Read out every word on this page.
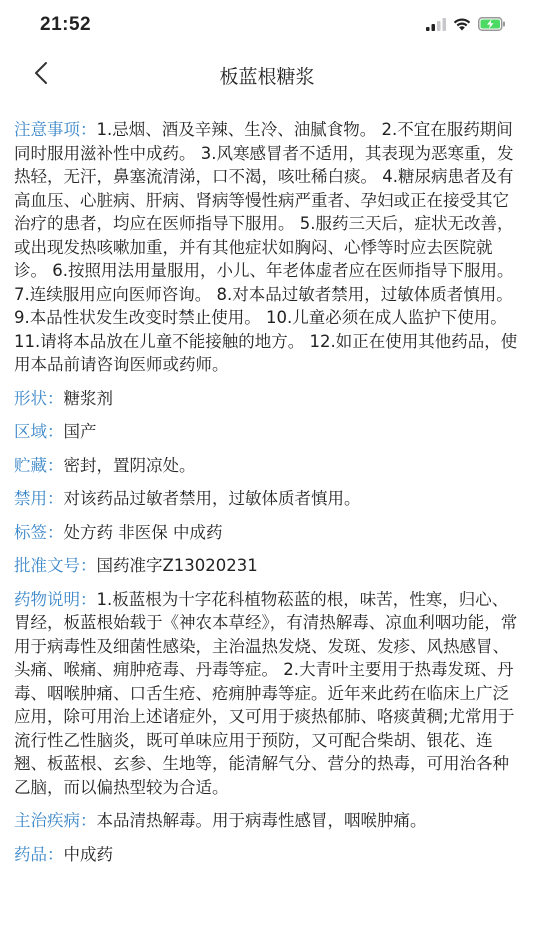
21:52
板蓝根糖浆

注意事项：1.忌烟、酒及辛辣、生冷、油腻食物。 2.不宜在服药期间同时服用滋补性中成药。 3.风寒感冒者不适用，其表现为恶寒重，发热轻，无汗，鼻塞流清涕，口不渴，咳吐稀白痰。 4.糖尿病患者及有高血压、心脏病、肝病、肾病等慢性病严重者、孕妇或正在接受其它治疗的患者，均应在医师指导下服用。 5.服药三天后，症状无改善，或出现发热咳嗽加重，并有其他症状如胸闷、心悸等时应去医院就诊。 6.按照用法用量服用，小儿、年老体虚者应在医师指导下服用。 7.连续服用应向医师咨询。 8.对本品过敏者禁用，过敏体质者慎用。 9.本品性状发生改变时禁止使用。 10.儿童必须在成人监护下使用。 11.请将本品放在儿童不能接触的地方。 12.如正在使用其他药品，使用本品前请咨询医师或药师。

形状：糖浆剂

区域：国产

贮藏：密封，置阴凉处。

禁用：对该药品过敏者禁用，过敏体质者慎用。

标签：处方药 非医保 中成药

批准文号：国药准字Z13020231

药物说明：1.板蓝根为十字花科植物菘蓝的根，味苦，性寒，归心、胃经，板蓝根始载于《神农本草经》，有清热解毒、凉血利咽功能，常用于病毒性及细菌性感染，主治温热发烧、发斑、发疹、风热感冒、头痛、喉痛、痈肿疮毒、丹毒等症。 2.大青叶主要用于热毒发斑、丹毒、咽喉肿痛、口舌生疮、疮痈肿毒等症。近年来此药在临床上广泛应用，除可用治上述诸症外，又可用于痰热郁肺、咯痰黄稠;尤常用于流行性乙性脑炎，既可单味应用于预防，又可配合柴胡、银花、连翘、板蓝根、玄参、生地等，能清解气分、营分的热毒，可用治各种乙脑，而以偏热型较为合适。

主治疾病：本品清热解毒。用于病毒性感冒，咽喉肿痛。

药品：中成药
